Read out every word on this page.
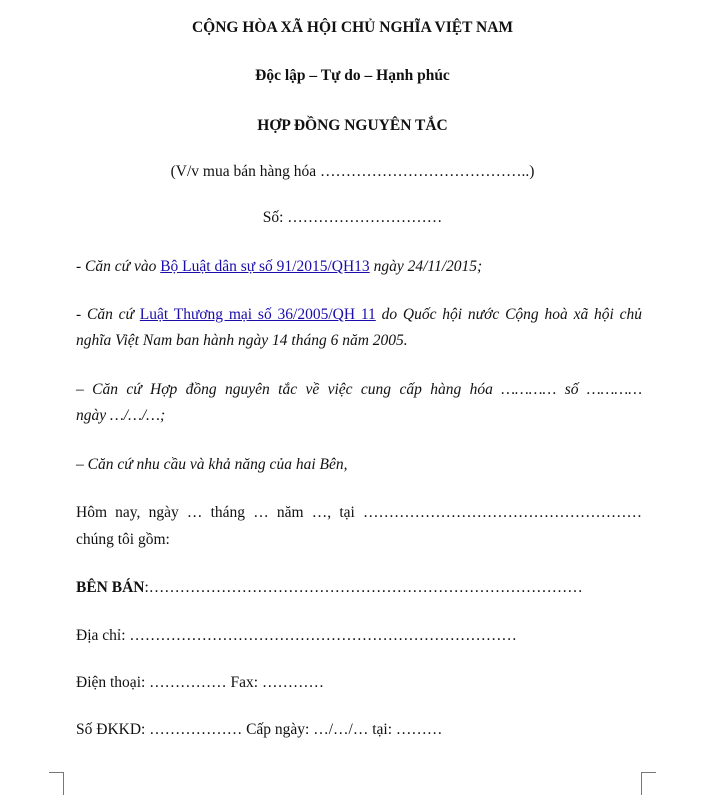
CỘNG HÒA XÃ HỘI CHỦ NGHĨA VIỆT NAM
Độc lập – Tự do – Hạnh phúc
HỢP ĐỒNG NGUYÊN TẮC
(V/v mua bán hàng hóa …………………………………..)
Số: …………………………
- Căn cứ vào Bộ Luật dân sự số 91/2015/QH13 ngày 24/11/2015;
- Căn cứ Luật Thương mại số 36/2005/QH 11 do Quốc hội nước Cộng hoà xã hội chủ
nghĩa Việt Nam ban hành ngày 14 tháng 6 năm 2005.
– Căn cứ Hợp đồng nguyên tắc về việc cung cấp hàng hóa ………… số …………
ngày …/…/…;
– Căn cứ nhu cầu và khả năng của hai Bên,
Hôm nay, ngày … tháng … năm …, tại ………………………………………………
chúng tôi gồm:
BÊN BÁN:…………………………………………………………………………
Địa chỉ: …………………………………………………………………
Điện thoại: …………… Fax: …………
Số ĐKKD: ……………… Cấp ngày: …/…/… tại: ………
